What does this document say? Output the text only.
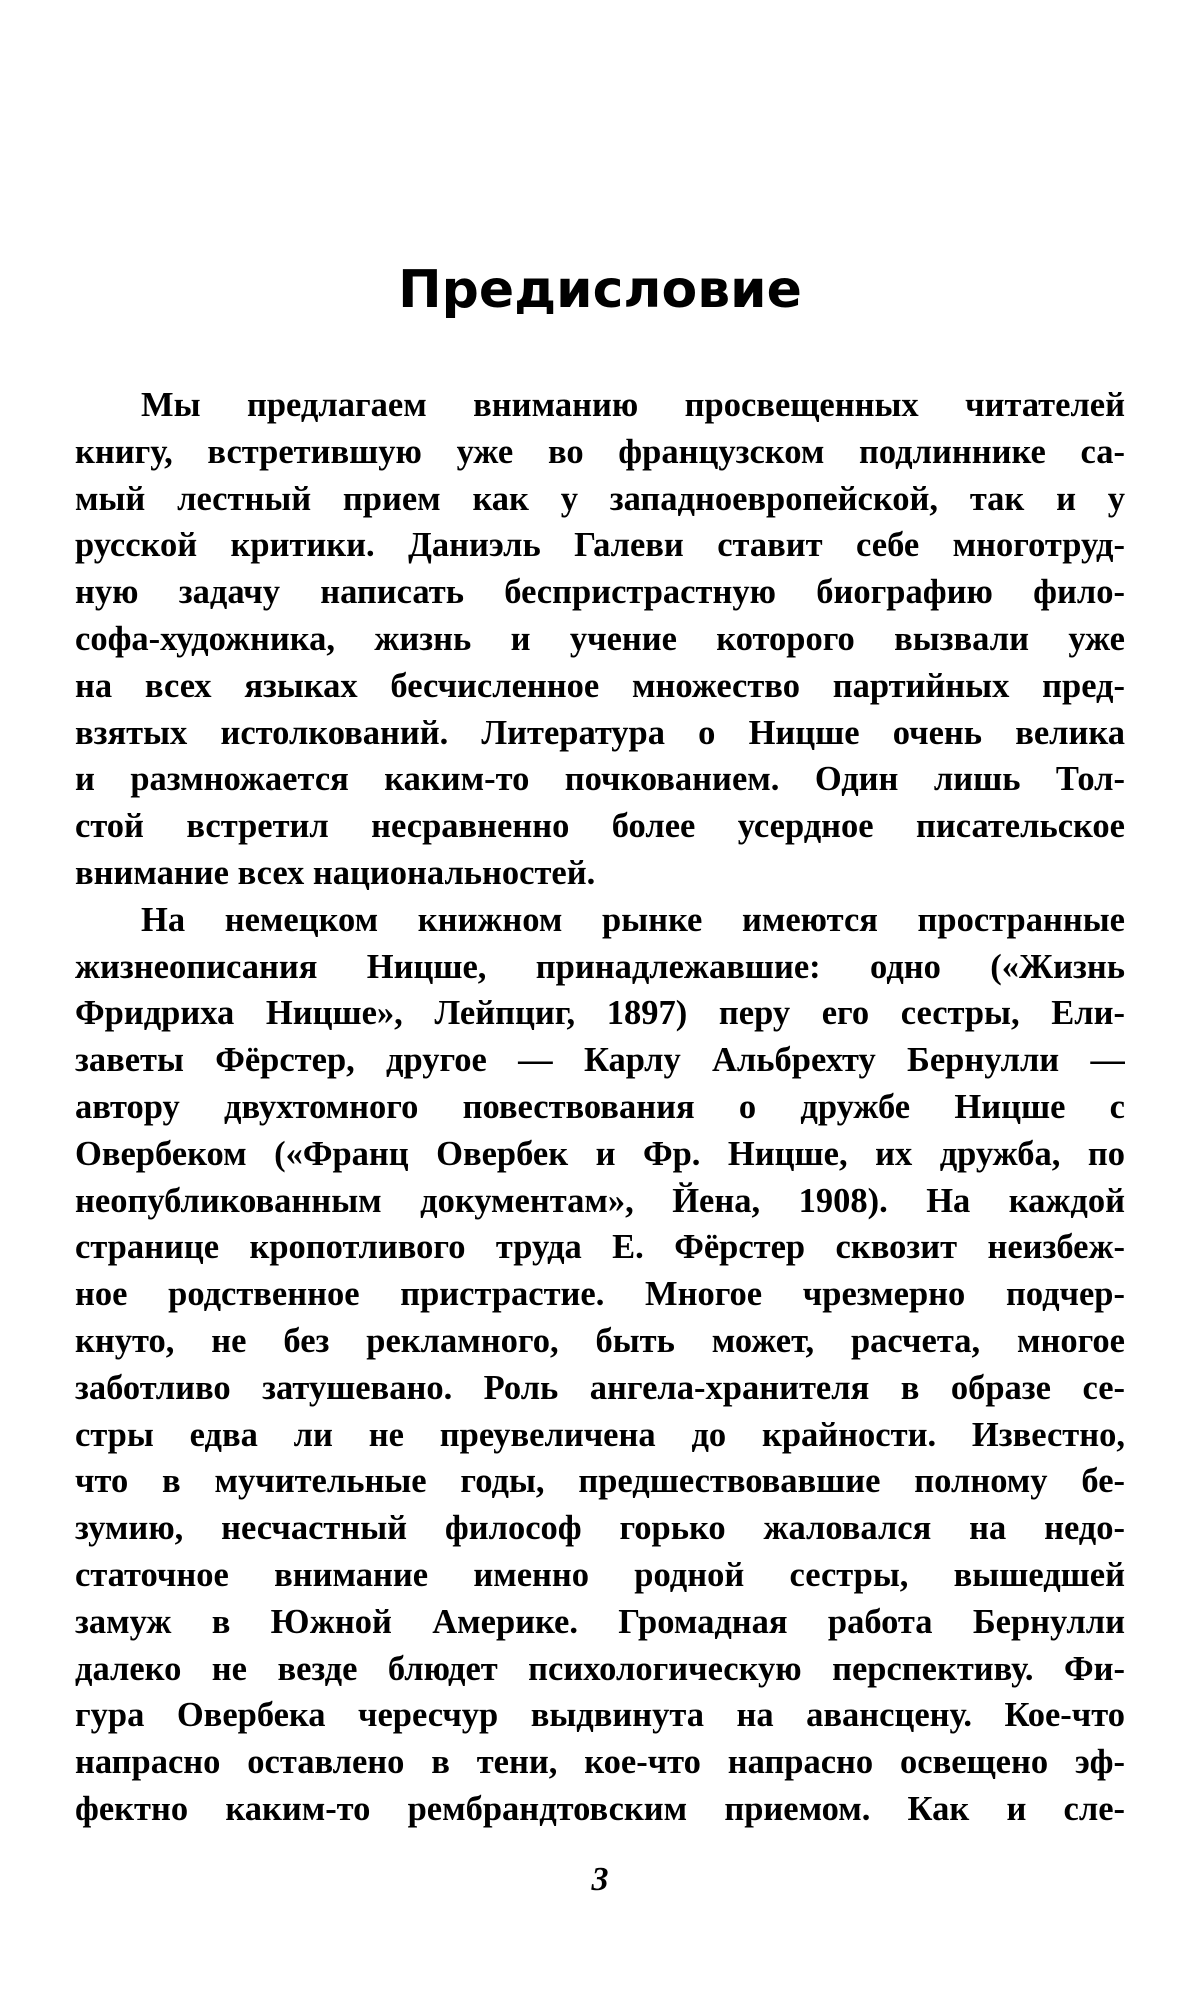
Предисловие
Мы предлагаем вниманию просвещенных читателей
книгу, встретившую уже во французском подлиннике са-
мый лестный прием как у западноевропейской, так и у
русской критики. Даниэль Галеви ставит себе многотруд-
ную задачу написать беспристрастную биографию фило-
софа-художника, жизнь и учение которого вызвали уже
на всех языках бесчисленное множество партийных пред-
взятых истолкований. Литература о Ницше очень велика
и размножается каким-то почкованием. Один лишь Тол-
стой встретил несравненно более усердное писательское
внимание всех национальностей.
На немецком книжном рынке имеются пространные
жизнеописания Ницше, принадлежавшие: одно («Жизнь
Фридриха Ницше», Лейпциг, 1897) перу его сестры, Ели-
заветы Фёрстер, другое — Карлу Альбрехту Бернулли —
автору двухтомного повествования о дружбе Ницше с
Овербеком («Франц Овербек и Фр. Ницше, их дружба, по
неопубликованным документам», Йена, 1908). На каждой
странице кропотливого труда Е. Фёрстер сквозит неизбеж-
ное родственное пристрастие. Многое чрезмерно подчер-
кнуто, не без рекламного, быть может, расчета, многое
заботливо затушевано. Роль ангела-хранителя в образе се-
стры едва ли не преувеличена до крайности. Известно,
что в мучительные годы, предшествовавшие полному бе-
зумию, несчастный философ горько жаловался на недо-
статочное внимание именно родной сестры, вышедшей
замуж в Южной Америке. Громадная работа Бернулли
далеко не везде блюдет психологическую перспективу. Фи-
гура Овербека чересчур выдвинута на авансцену. Кое-что
напрасно оставлено в тени, кое-что напрасно освещено эф-
фектно каким-то рембрандтовским приемом. Как и сле-
3
